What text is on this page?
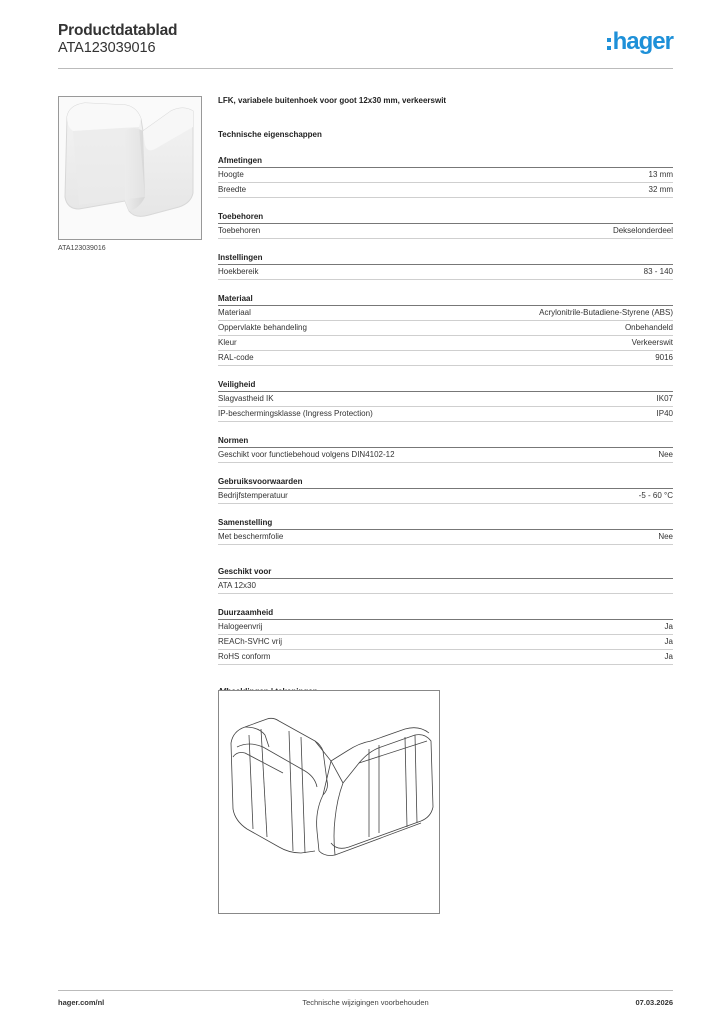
Productdatablad
ATA123039016	hager
ATA123039016
LFK, variabele buitenhoek voor goot 12x30 mm, verkeerswit
Technische eigenschappen
Afmetingen
Hoogte	13 mm
Breedte	32 mm
Toebehoren
Toebehoren	Dekselonderdeel
Instellingen
Hoekbereik	83 - 140
Materiaal
Materiaal	Acrylonitrile-Butadiene-Styrene (ABS)
Oppervlakte behandeling	Onbehandeld
Kleur	Verkeerswit
RAL-code	9016
Veiligheid
Slagvastheid IK	IK07
IP-beschermingsklasse (Ingress Protection)	IP40
Normen
Geschikt voor functiebehoud volgens DIN4102-12	Nee
Gebruiksvoorwaarden
Bedrijfstemperatuur	-5 - 60 °C
Samenstelling
Met beschermfolie	Nee
Geschikt voor
ATA 12x30
Duurzaamheid
Halogeenvrij	Ja
REACh-SVHC vrij	Ja
RoHS conform	Ja
hager.com/nl	Technische wijzigingen voorbehouden	07.03.2026
